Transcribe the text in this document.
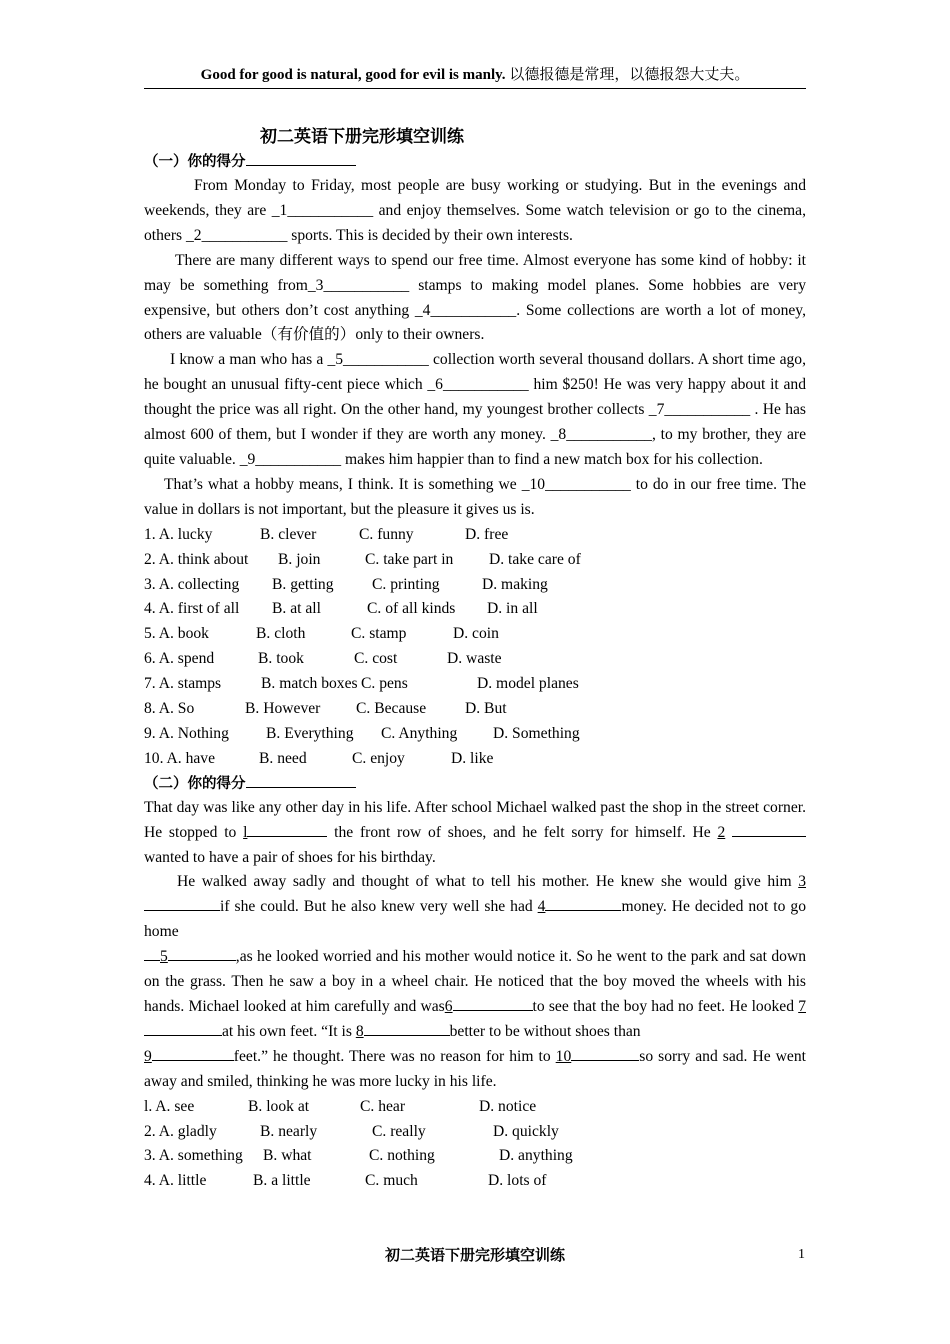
Good for good is natural, good for evil is manly. 以德报德是常理，以德报怨大丈夫。
初二英语下册完形填空训练
（一）你的得分

From Monday to Friday, most people are busy working or studying. But in the evenings and weekends, they are _1___________ and enjoy themselves. Some watch television or go to the cinema, others _2___________ sports. This is decided by their own interests.

There are many different ways to spend our free time. Almost everyone has some kind of hobby: it may be something from_3___________ stamps to making model planes. Some hobbies are very expensive, but others don’t cost anything _4___________. Some collections are worth a lot of money, others are valuable（有价值的）only to their owners.

I know a man who has a _5___________ collection worth several thousand dollars. A short time ago, he bought an unusual fifty-cent piece which _6___________ him $250! He was very happy about it and thought the price was all right. On the other hand, my youngest brother collects _7___________ . He has almost 600 of them, but I wonder if they are worth any money. _8___________, to my brother, they are quite valuable. _9___________ makes him happier than to find a new match box for his collection.

That’s what a hobby means, I think. It is something we _10___________ to do in our free time. The value in dollars is not important, but the pleasure it gives us is.

1. A. lucky	B. clever	C. funny	D. free
2. A. think about	B. join	C. take part in	D. take care of
3. A. collecting	B. getting	C. printing	D. making
4. A. first of all	B. at all	C. of all kinds	D. in all
5. A. book	B. cloth	C. stamp	D. coin
6. A. spend	B. took	C. cost	D. waste
7. A. stamps	B. match boxes C. pens	D. model planes
8. A. So	B. However	C. Because	D. But
9. A. Nothing	B. Everything	C. Anything	D. Something
10. A. have	B. need	C. enjoy	D. like
（二）你的得分

That day was like any other day in his life. After school Michael walked past the shop in the street corner. He stopped to l	the front row of shoes, and he felt sorry for himself. He 2  wanted to have a pair of shoes for his birthday.

He walked away sadly and thought of what to tell his mother. He knew she would give him 3if she could. But he also knew very well she had 4	money. He decided not to go home

5	,as he looked worried and his mother would notice it. So he went to the park and sat down on the grass. Then he saw a boy in a wheel chair. He noticed that the boy moved the wheels with his hands. Michael looked at him carefully and was6	to see that the boy had no feet. He looked 7at his own feet. “It is 8	better to be without shoes than
9	feet.” he thought. There was no reason for him to 10	so sorry and sad. He went away and smiled, thinking he was more lucky in his life.

l. A. see	B. look at	C. hear	D. notice
2. A. gladly	B. nearly	C. really	D. quickly
3. A. something	B. what	C. nothing	D. anything
4. A. little	B. a little	C. much	D. lots of
初二英语下册完形填空训练	1
